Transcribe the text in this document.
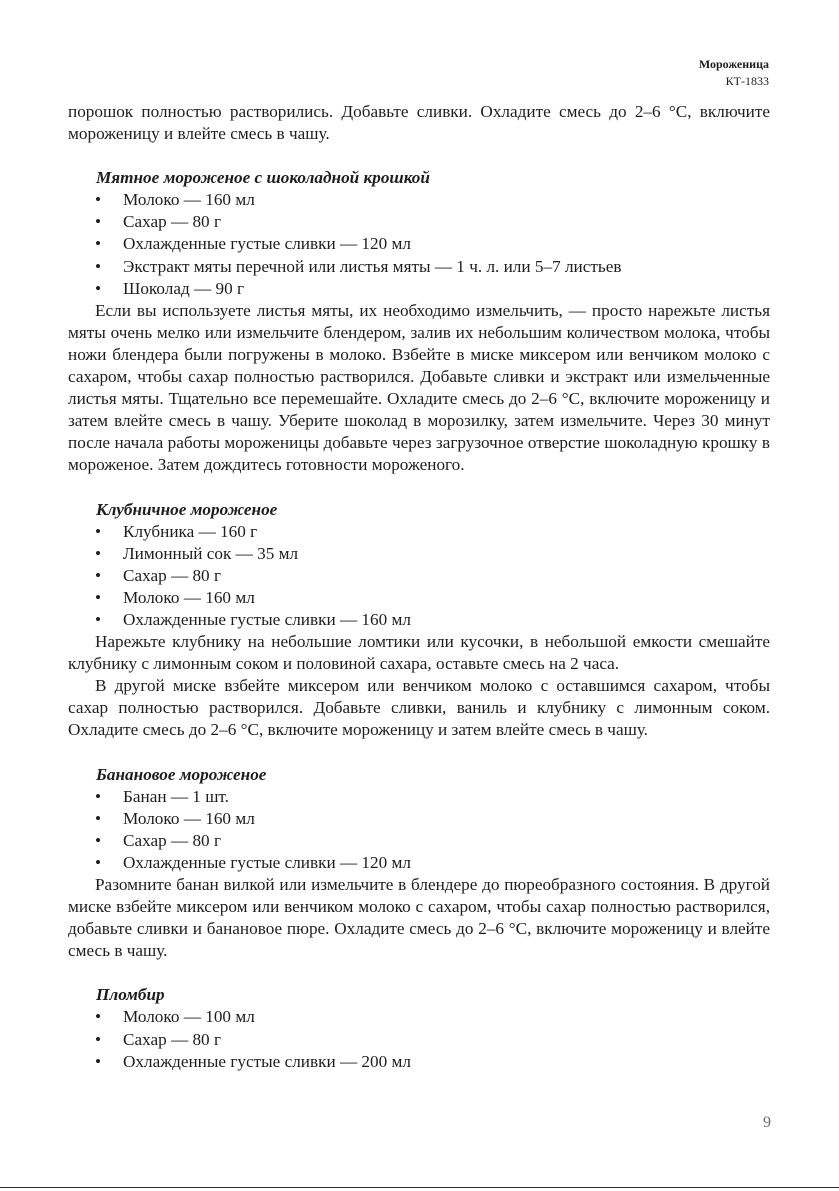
Мороженица
КТ-1833

порошок полностью растворились. Добавьте сливки. Охладите смесь до 2–6 °С, включите мороженицу и влейте смесь в чашу.

Мятное мороженое с шоколадной крошкой
• Молоко — 160 мл
• Сахар — 80 г
• Охлажденные густые сливки — 120 мл
• Экстракт мяты перечной или листья мяты — 1 ч. л. или 5–7 листьев
• Шоколад — 90 г

Если вы используете листья мяты, их необходимо измельчить, — просто нарежьте листья мяты очень мелко или измельчите блендером, залив их небольшим количеством молока, чтобы ножи блендера были погружены в молоко. Взбейте в миске миксером или венчиком молоко с сахаром, чтобы сахар полностью растворился. Добавьте сливки и экстракт или измельченные листья мяты. Тщательно все перемешайте. Охладите смесь до 2–6 °С, включите мороженицу и затем влейте смесь в чашу. Уберите шоколад в морозилку, затем измельчите. Через 30 минут после начала работы мороженицы добавьте через загрузочное отверстие шоколадную крошку в мороженое. Затем дождитесь готовности мороженого.

Клубничное мороженое
• Клубника — 160 г
• Лимонный сок — 35 мл
• Сахар — 80 г
• Молоко — 160 мл
• Охлажденные густые сливки — 160 мл

Нарежьте клубнику на небольшие ломтики или кусочки, в небольшой емкости смешайте клубнику с лимонным соком и половиной сахара, оставьте смесь на 2 часа.

В другой миске взбейте миксером или венчиком молоко с оставшимся сахаром, чтобы сахар полностью растворился. Добавьте сливки, ваниль и клубнику с лимонным соком. Охладите смесь до 2–6 °С, включите мороженицу и затем влейте смесь в чашу.

Банановое мороженое
• Банан — 1 шт.
• Молоко — 160 мл
• Сахар — 80 г
• Охлажденные густые сливки — 120 мл

Разомните банан вилкой или измельчите в блендере до пюреобразного состояния. В другой миске взбейте миксером или венчиком молоко с сахаром, чтобы сахар полностью растворился, добавьте сливки и банановое пюре. Охладите смесь до 2–6 °С, включите мороженицу и влейте смесь в чашу.

Пломбир
• Молоко — 100 мл
• Сахар — 80 г
• Охлажденные густые сливки — 200 мл
9
